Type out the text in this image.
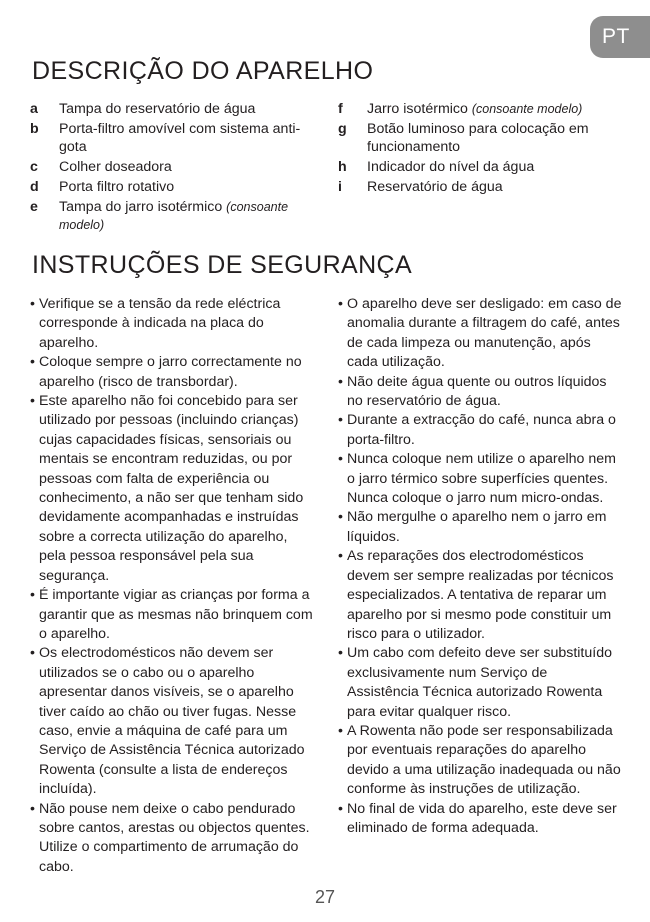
PT
DESCRIÇÃO DO APARELHO
a	Tampa do reservatório de água
b	Porta-filtro amovível com sistema anti-gota
c	Colher doseadora
d	Porta filtro rotativo
e	Tampa do jarro isotérmico (consoante modelo)
f	Jarro isotérmico (consoante modelo)
g	Botão luminoso para colocação em funcionamento
h	Indicador do nível da água
i	Reservatório de água
INSTRUÇÕES DE SEGURANÇA
• Verifique se a tensão da rede eléctrica corresponde à indicada na placa do aparelho.
• Coloque sempre o jarro correctamente no aparelho (risco de transbordar).
• Este aparelho não foi concebido para ser utilizado por pessoas (incluindo crianças) cujas capacidades físicas, sensoriais ou mentais se encontram reduzidas, ou por pessoas com falta de experiência ou conhecimento, a não ser que tenham sido devidamente acompanhadas e instruídas sobre a correcta utilização do aparelho, pela pessoa responsável pela sua segurança.
• É importante vigiar as crianças por forma a garantir que as mesmas não brinquem com o aparelho.
• Os electrodomésticos não devem ser utilizados se o cabo ou o aparelho apresentar danos visíveis, se o aparelho tiver caído ao chão ou tiver fugas. Nesse caso, envie a máquina de café para um Serviço de Assistência Técnica autorizado Rowenta (consulte a lista de endereços incluída).
• Não pouse nem deixe o cabo pendurado sobre cantos, arestas ou objectos quentes. Utilize o compartimento de arrumação do cabo.
• O aparelho deve ser desligado: em caso de anomalia durante a filtragem do café, antes de cada limpeza ou manutenção, após cada utilização.
• Não deite água quente ou outros líquidos no reservatório de água.
• Durante a extracção do café, nunca abra o porta-filtro.
• Nunca coloque nem utilize o aparelho nem o jarro térmico sobre superfícies quentes. Nunca coloque o jarro num micro-ondas.
• Não mergulhe o aparelho nem o jarro em líquidos.
• As reparações dos electrodomésticos devem ser sempre realizadas por técnicos especializados. A tentativa de reparar um aparelho por si mesmo pode constituir um risco para o utilizador.
• Um cabo com defeito deve ser substituído exclusivamente num Serviço de Assistência Técnica autorizado Rowenta para evitar qualquer risco.
• A Rowenta não pode ser responsabilizada por eventuais reparações do aparelho devido a uma utilização inadequada ou não conforme às instruções de utilização.
• No final de vida do aparelho, este deve ser eliminado de forma adequada.
27
